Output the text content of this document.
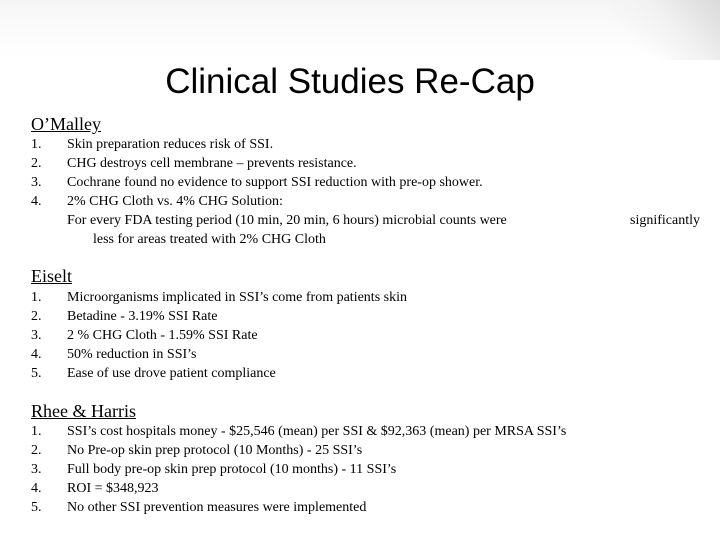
Clinical Studies Re-Cap
O’Malley
1. Skin preparation reduces risk of SSI.
2. CHG destroys cell membrane – prevents resistance.
3. Cochrane found no evidence to support SSI reduction with pre-op shower.
4. 2% CHG Cloth vs. 4% CHG Solution:
For every FDA testing period (10 min, 20 min, 6 hours) microbial counts were	significantly
less for areas treated with 2% CHG Cloth
Eiselt
1. Microorganisms implicated in SSI’s come from patients skin
2. Betadine - 3.19% SSI Rate
3. 2 % CHG Cloth - 1.59% SSI Rate
4. 50% reduction in SSI’s
5. Ease of use drove patient compliance
Rhee & Harris
1. SSI’s cost hospitals money - $25,546 (mean) per SSI & $92,363 (mean) per MRSA SSI’s
2. No Pre-op skin prep protocol (10 Months) - 25 SSI’s
3. Full body pre-op skin prep protocol (10 months) - 11 SSI’s
4. ROI = $348,923
5. No other SSI prevention measures were implemented
